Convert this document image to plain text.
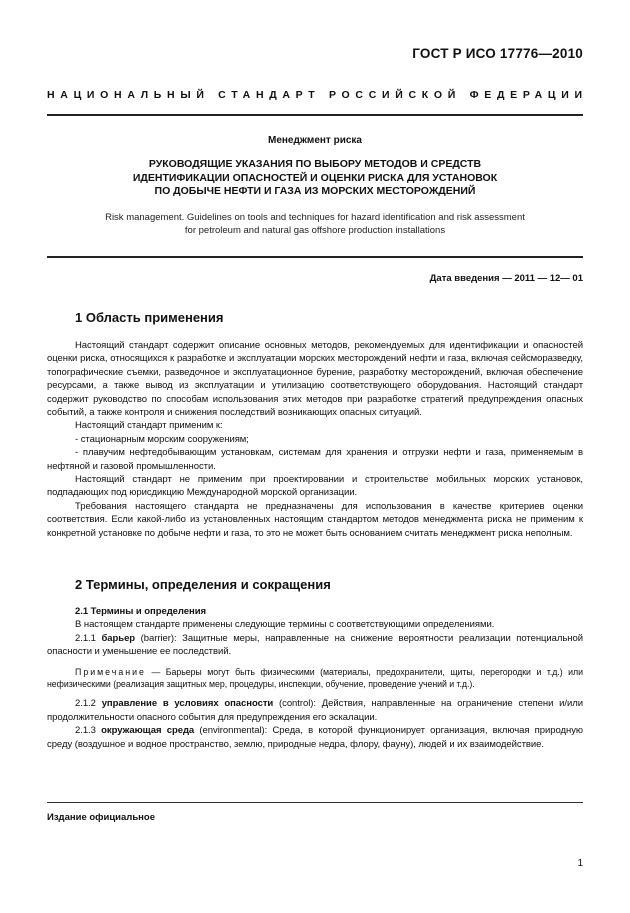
ГОСТ Р ИСО 17776—2010
НАЦИОНАЛЬНЫЙ СТАНДАРТ РОССИЙСКОЙ ФЕДЕРАЦИИ
Менеджмент риска
РУКОВОДЯЩИЕ УКАЗАНИЯ ПО ВЫБОРУ МЕТОДОВ И СРЕДСТВ
ИДЕНТИФИКАЦИИ ОПАСНОСТЕЙ И ОЦЕНКИ РИСКА ДЛЯ УСТАНОВОК
ПО ДОБЫЧЕ НЕФТИ И ГАЗА ИЗ МОРСКИХ МЕСТОРОЖДЕНИЙ
Risk management. Guidelines on tools and techniques for hazard identification and risk assessment
for petroleum and natural gas offshore production installations
Дата введения — 2011 — 12— 01
1 Область применения

Настоящий стандарт содержит описание основных методов, рекомендуемых для идентификации и опасностей оценки риска, относящихся к разработке и эксплуатации морских месторождений нефти и газа, включая сейсморазведку, топографические съемки, разведочное и эксплуатационное бурение, разработку месторождений, включая обеспечение ресурсами, а также вывод из эксплуатации и утилизацию соответствующего оборудования. Настоящий стандарт содержит руководство по способам использования этих методов при разработке стратегий предупреждения опасных событий, а также контроля и снижения последствий возникающих опасных ситуаций.

Настоящий стандарт применим к:

- стационарным морским сооружениям;

- плавучим нефтедобывающим установкам, системам для хранения и отгрузки нефти и газа, применяемым в нефтяной и газовой промышленности.

Настоящий стандарт не применим при проектировании и строительстве мобильных морских установок, подпадающих под юрисдикцию Международной морской организации.

Требования настоящего стандарта не предназначены для использования в качестве критериев оценки соответствия. Если какой-либо из установленных настоящим стандартом методов менеджмента риска не применим к конкретной установке по добыче нефти и газа, то это не может быть основанием считать менеджмент риска неполным.

2 Термины, определения и сокращения

2.1 Термины и определения

В настоящем стандарте применены следующие термины с соответствующими определениями.

2.1.1 барьер (barrier): Защитные меры, направленные на снижение вероятности реализации потенциальной опасности и уменьшение ее последствий.

Примечание — Барьеры могут быть физическими (материалы, предохранители, щиты, перегородки и т.д.) или нефизическими (реализация защитных мер, процедуры, инспекции, обучение, проведение учений и т.д.).

2.1.2 управление в условиях опасности (control): Действия, направленные на ограничение степени и/или продолжительности опасного события для предупреждения его эскалации.

2.1.3 окружающая среда (environmental): Среда, в которой функционирует организация, включая природную среду (воздушное и водное пространство, землю, природные недра, флору, фауну), людей и их взаимодействие.

Издание официальное
1
